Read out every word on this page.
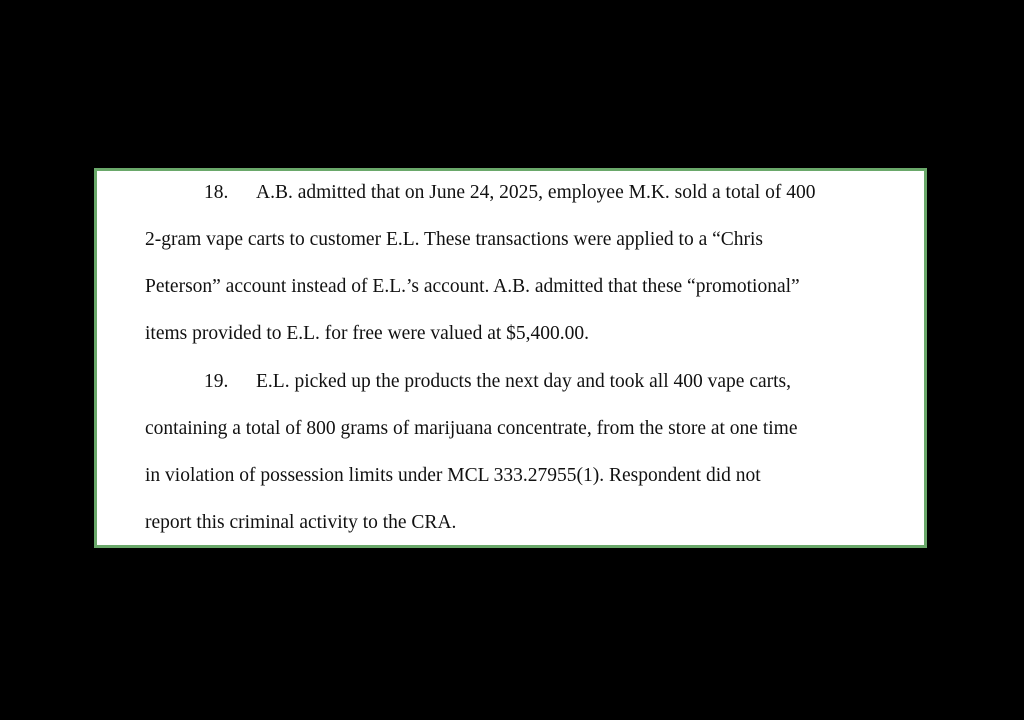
18. A.B. admitted that on June 24, 2025, employee M.K. sold a total of 400
2-gram vape carts to customer E.L. These transactions were applied to a “Chris
Peterson” account instead of E.L.’s account. A.B. admitted that these “promotional”
items provided to E.L. for free were valued at $5,400.00.
19. E.L. picked up the products the next day and took all 400 vape carts,
containing a total of 800 grams of marijuana concentrate, from the store at one time
in violation of possession limits under MCL 333.27955(1). Respondent did not
report this criminal activity to the CRA.
